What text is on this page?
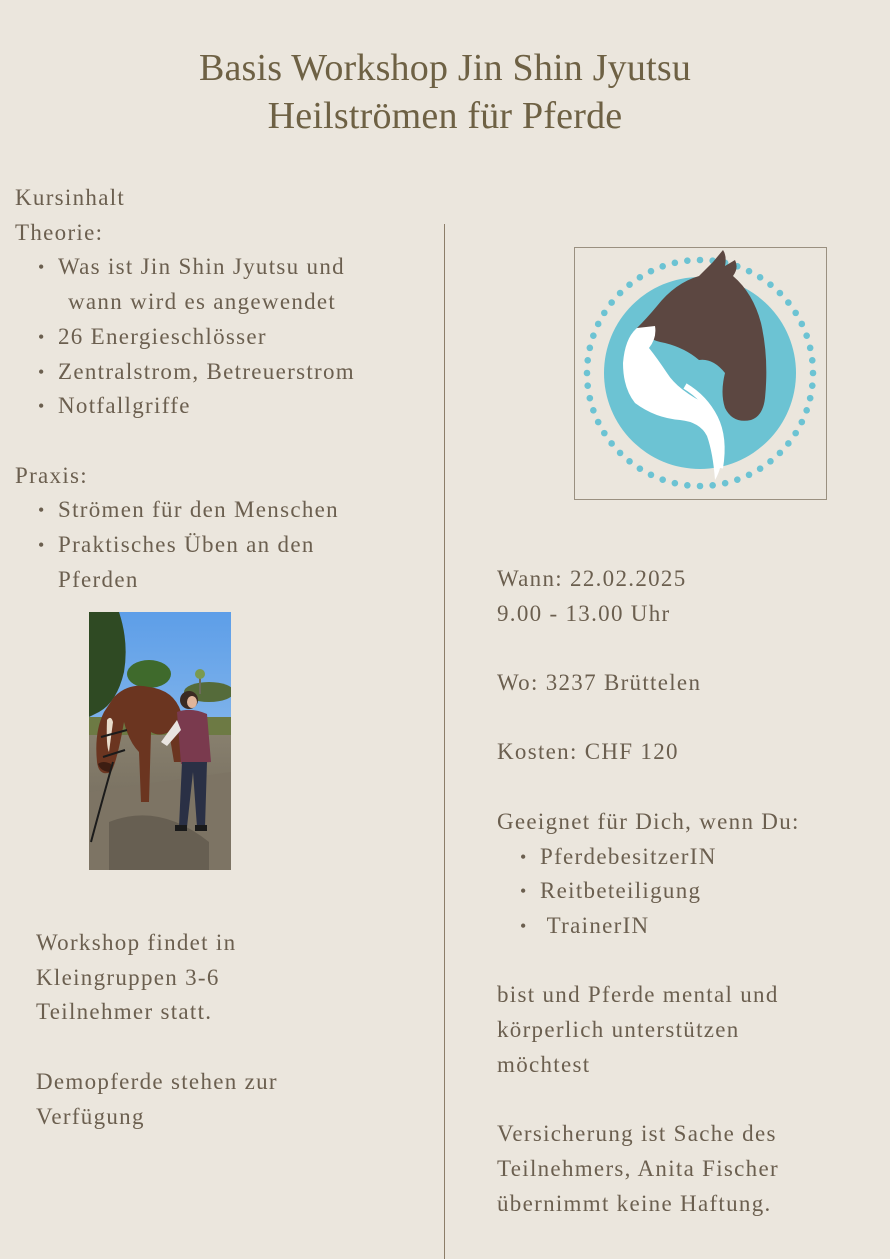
Basis Workshop Jin Shin Jyutsu
Heilströmen für Pferde

Kursinhalt

Theorie:

• Was ist Jin Shin Jyutsu und
wann wird es angewendet
• 26 Energieschlösser
• Zentralstrom, Betreuerstrom
• Notfallgriffe

Praxis:

• Strömen für den Menschen
• Praktisches Üben an den
Pferden

Workshop findet in

Kleingruppen 3-6

Teilnehmer statt.

Demopferde stehen zur

Verfügung

Wann: 22.02.2025

9.00 - 13.00 Uhr

Wo: 3237 Brüttelen

Kosten: CHF 120

Geeignet für Dich, wenn Du:

• PferdebesitzerIN
• Reitbeteiligung
•  TrainerIN

bist und Pferde mental und

körperlich unterstützen

möchtest

Versicherung ist Sache des

Teilnehmers, Anita Fischer

übernimmt keine Haftung.
